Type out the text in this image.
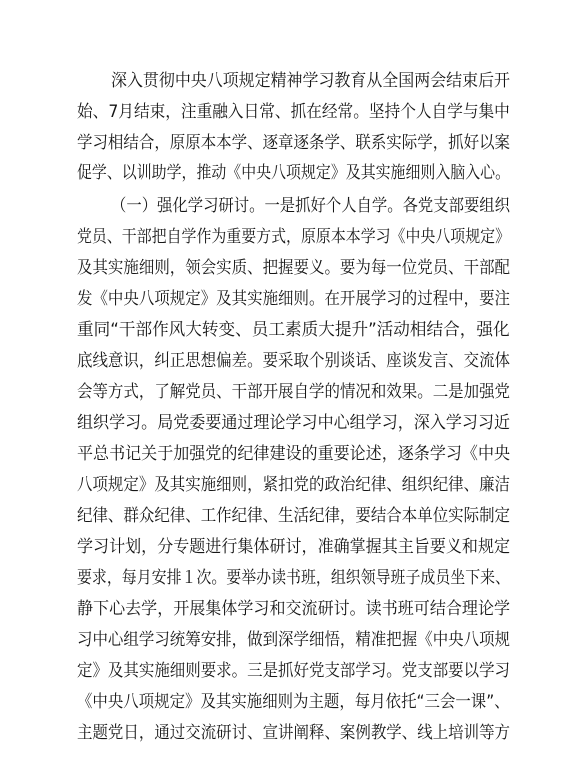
深入贯彻中央八项规定精神学习教育从全国两会结束后开
始、7月结束，注重融入日常、抓在经常。坚持个人自学与集中
学习相结合，原原本本学、逐章逐条学、联系实际学，抓好以案
促学、以训助学，推动《中央八项规定》及其实施细则入脑入心。
（一）强化学习研讨。一是抓好个人自学。各党支部要组织
党员、干部把自学作为重要方式，原原本本学习《中央八项规定》
及其实施细则，领会实质、把握要义。要为每一位党员、干部配
发《中央八项规定》及其实施细则。在开展学习的过程中，要注
重同“干部作风大转变、员工素质大提升”活动相结合，强化
底线意识，纠正思想偏差。要采取个别谈话、座谈发言、交流体
会等方式，了解党员、干部开展自学的情况和效果。二是加强党
组织学习。局党委要通过理论学习中心组学习，深入学习习近
平总书记关于加强党的纪律建设的重要论述，逐条学习《中央
八项规定》及其实施细则，紧扣党的政治纪律、组织纪律、廉洁
纪律、群众纪律、工作纪律、生活纪律，要结合本单位实际制定
学习计划，分专题进行集体研讨，准确掌握其主旨要义和规定
要求，每月安排１次。要举办读书班，组织领导班子成员坐下来、
静下心去学，开展集体学习和交流研讨。读书班可结合理论学
习中心组学习统筹安排，做到深学细悟，精准把握《中央八项规
定》及其实施细则要求。三是抓好党支部学习。党支部要以学习
《中央八项规定》及其实施细则为主题，每月依托“三会一课”、
主题党日，通过交流研讨、宣讲阐释、案例教学、线上培训等方
